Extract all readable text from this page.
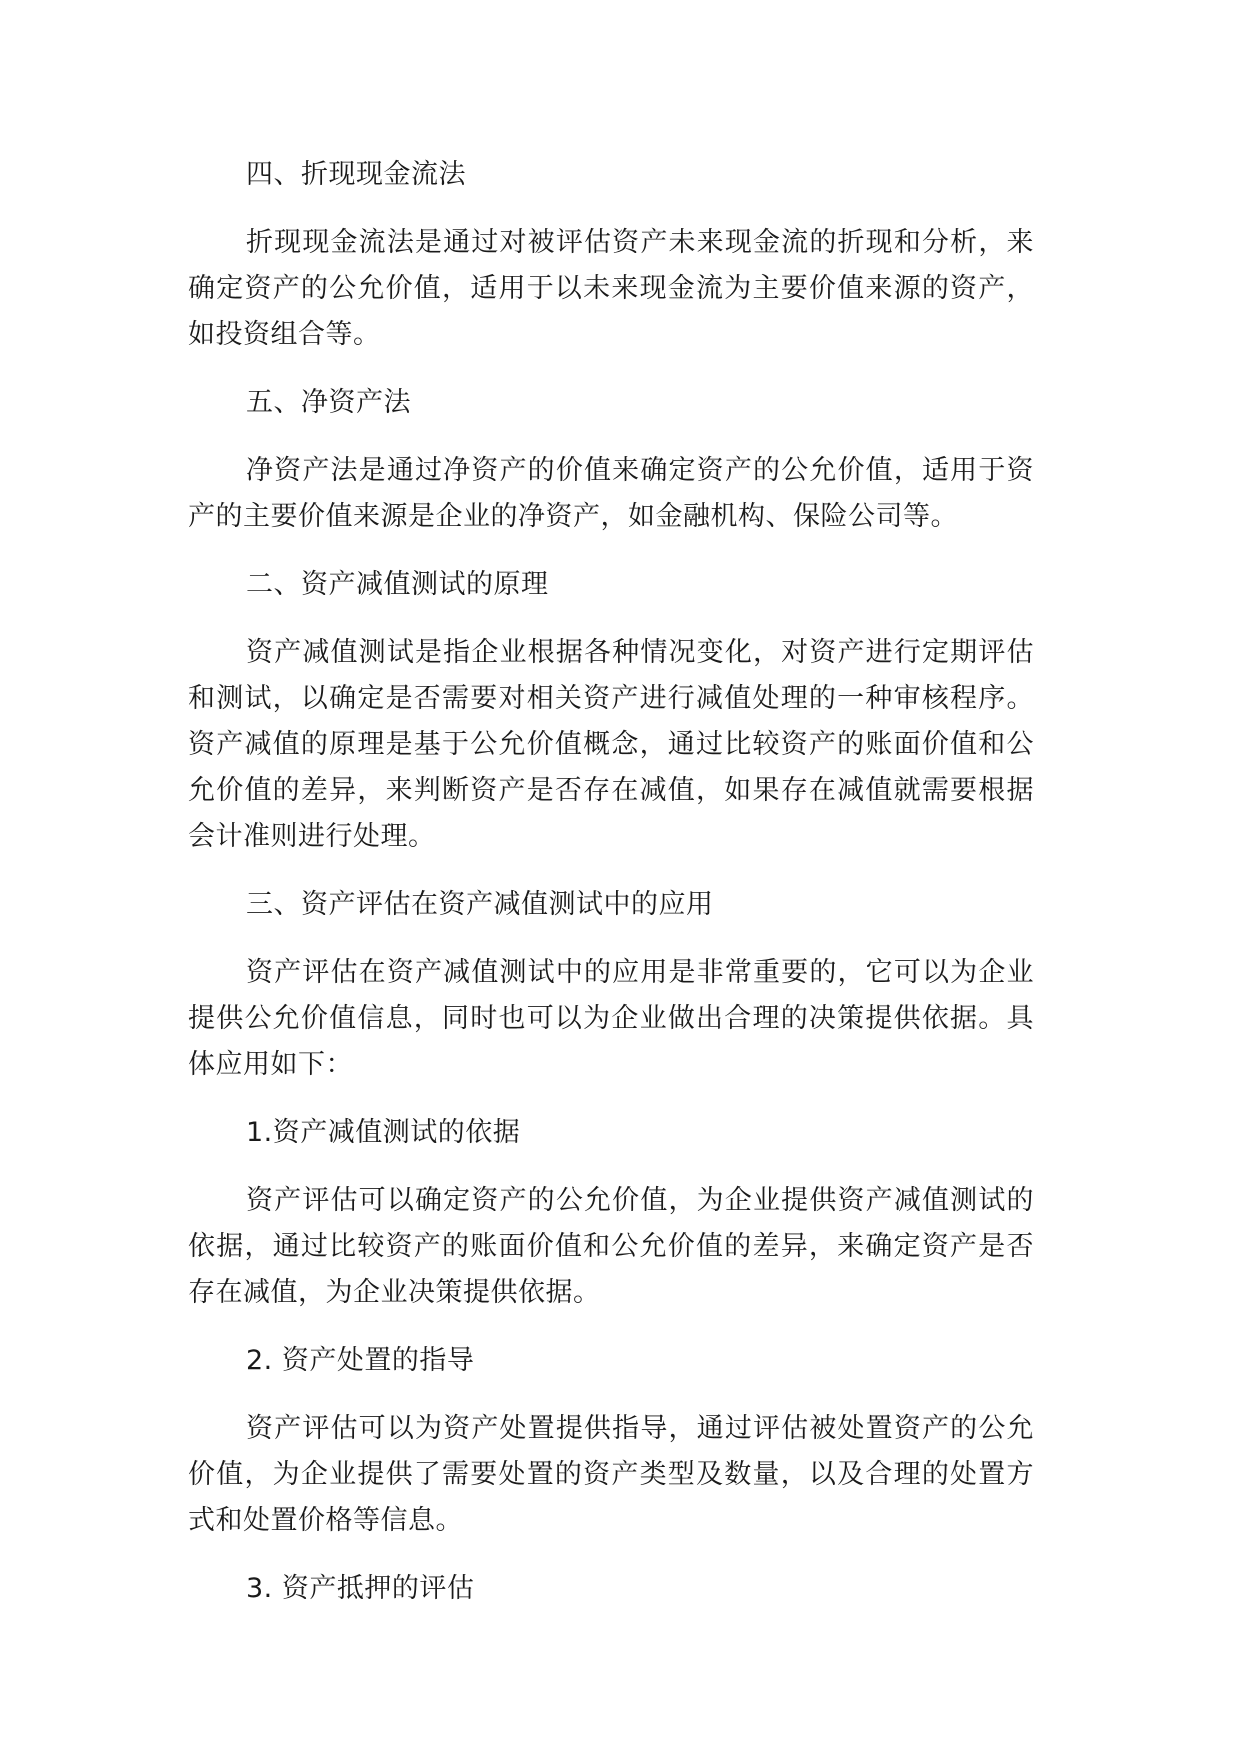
四、折现现金流法

折现现金流法是通过对被评估资产未来现金流的折现和分析，来确定资产的公允价值，适用于以未来现金流为主要价值来源的资产，如投资组合等。

五、净资产法

净资产法是通过净资产的价值来确定资产的公允价值，适用于资产的主要价值来源是企业的净资产，如金融机构、保险公司等。

二、资产减值测试的原理

资产减值测试是指企业根据各种情况变化，对资产进行定期评估和测试，以确定是否需要对相关资产进行减值处理的一种审核程序。资产减值的原理是基于公允价值概念，通过比较资产的账面价值和公允价值的差异，来判断资产是否存在减值，如果存在减值就需要根据会计准则进行处理。

三、资产评估在资产减值测试中的应用

资产评估在资产减值测试中的应用是非常重要的，它可以为企业提供公允价值信息，同时也可以为企业做出合理的决策提供依据。具体应用如下：

1.资产减值测试的依据

资产评估可以确定资产的公允价值，为企业提供资产减值测试的依据，通过比较资产的账面价值和公允价值的差异，来确定资产是否存在减值，为企业决策提供依据。

2. 资产处置的指导

资产评估可以为资产处置提供指导，通过评估被处置资产的公允价值，为企业提供了需要处置的资产类型及数量，以及合理的处置方式和处置价格等信息。

3. 资产抵押的评估
